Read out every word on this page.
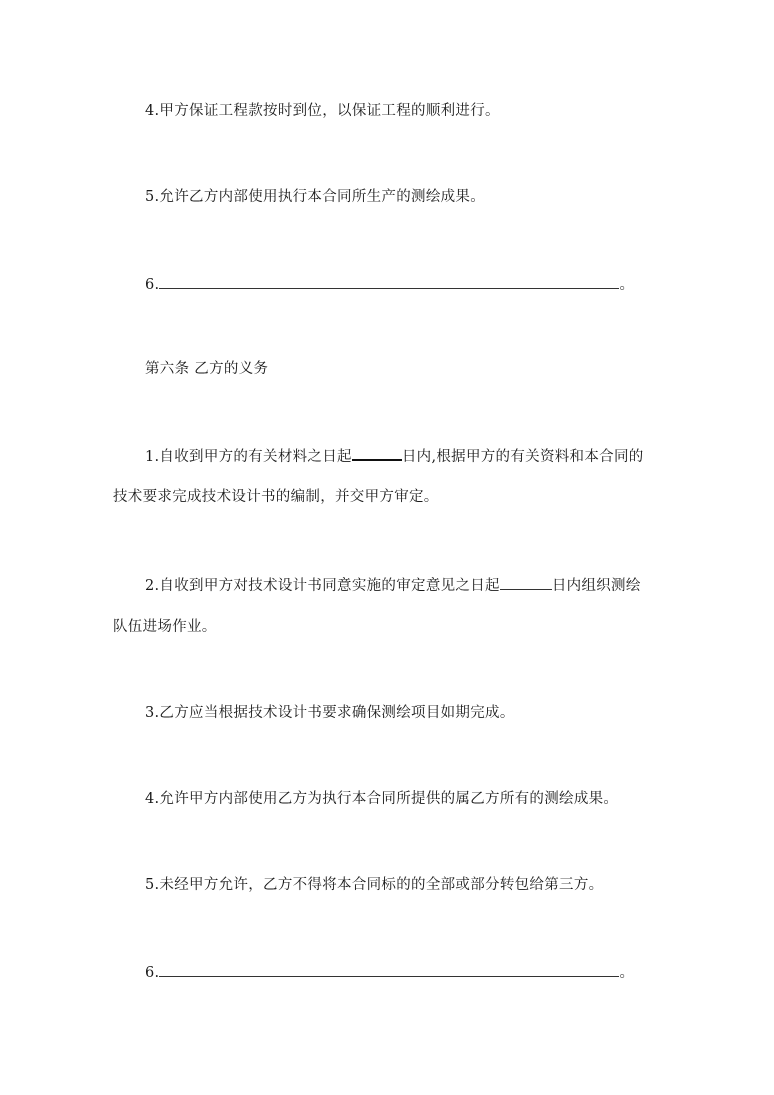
4.甲方保证工程款按时到位，以保证工程的顺利进行。
5.允许乙方内部使用执行本合同所生产的测绘成果。
6.	。
第六条 乙方的义务
1.自收到甲方的有关材料之日起	日内,根据甲方的有关资料和本合同的
技术要求完成技术设计书的编制，并交甲方审定。
2.自收到甲方对技术设计书同意实施的审定意见之日起	日内组织测绘
队伍进场作业。
3.乙方应当根据技术设计书要求确保测绘项目如期完成。
4.允许甲方内部使用乙方为执行本合同所提供的属乙方所有的测绘成果。
5.未经甲方允许，乙方不得将本合同标的的全部或部分转包给第三方。
6.	。
